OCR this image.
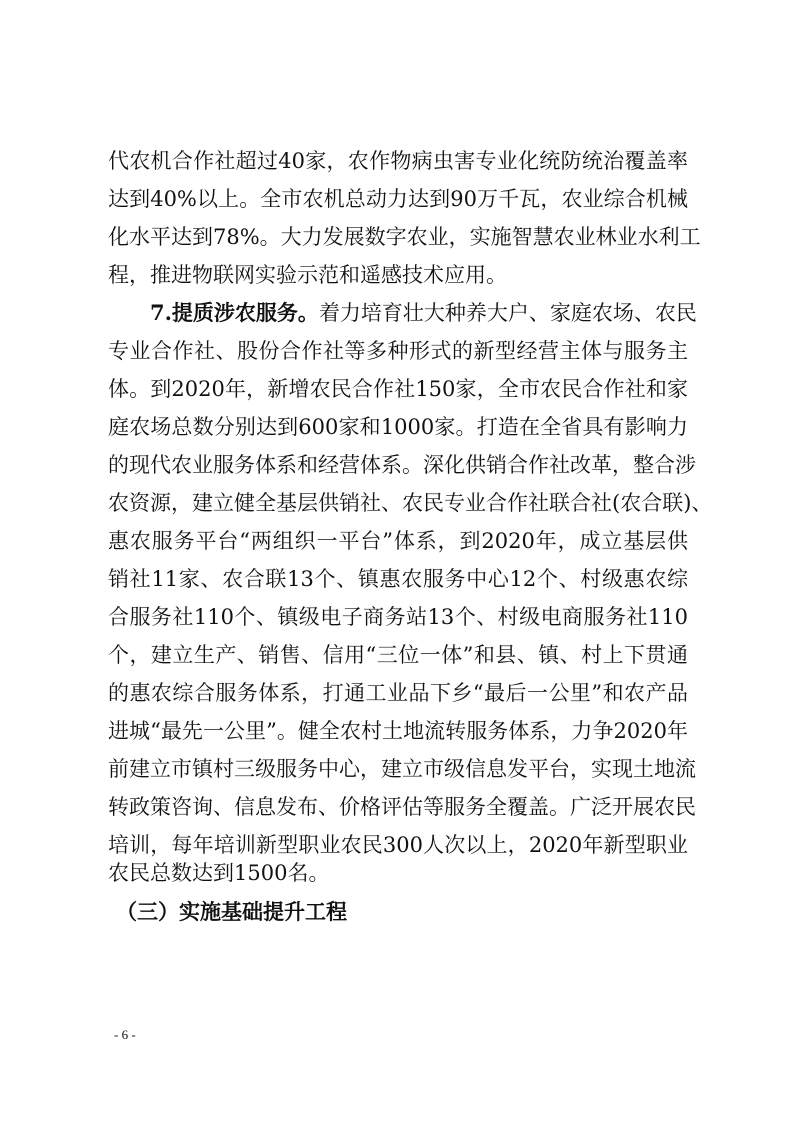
代农机合作社超过40家，农作物病虫害专业化统防统治覆盖率
达到40%以上。全市农机总动力达到90万千瓦，农业综合机械
化水平达到78%。大力发展数字农业，实施智慧农业林业水利工
程，推进物联网实验示范和遥感技术应用。
7.提质涉农服务。着力培育壮大种养大户、家庭农场、农民
专业合作社、股份合作社等多种形式的新型经营主体与服务主
体。到2020年，新增农民合作社150家，全市农民合作社和家
庭农场总数分别达到600家和1000家。打造在全省具有影响力
的现代农业服务体系和经营体系。深化供销合作社改革，整合涉
农资源，建立健全基层供销社、农民专业合作社联合社(农合联)、
惠农服务平台“两组织一平台”体系，到2020年，成立基层供
销社11家、农合联13个、镇惠农服务中心12个、村级惠农综
合服务社110个、镇级电子商务站13个、村级电商服务社110
个，建立生产、销售、信用“三位一体”和县、镇、村上下贯通
的惠农综合服务体系，打通工业品下乡“最后一公里”和农产品
进城“最先一公里”。健全农村土地流转服务体系，力争2020年
前建立市镇村三级服务中心，建立市级信息发平台，实现土地流
转政策咨询、信息发布、价格评估等服务全覆盖。广泛开展农民
培训，每年培训新型职业农民300人次以上，2020年新型职业
农民总数达到1500名。
（三）实施基础提升工程
- 6 -
